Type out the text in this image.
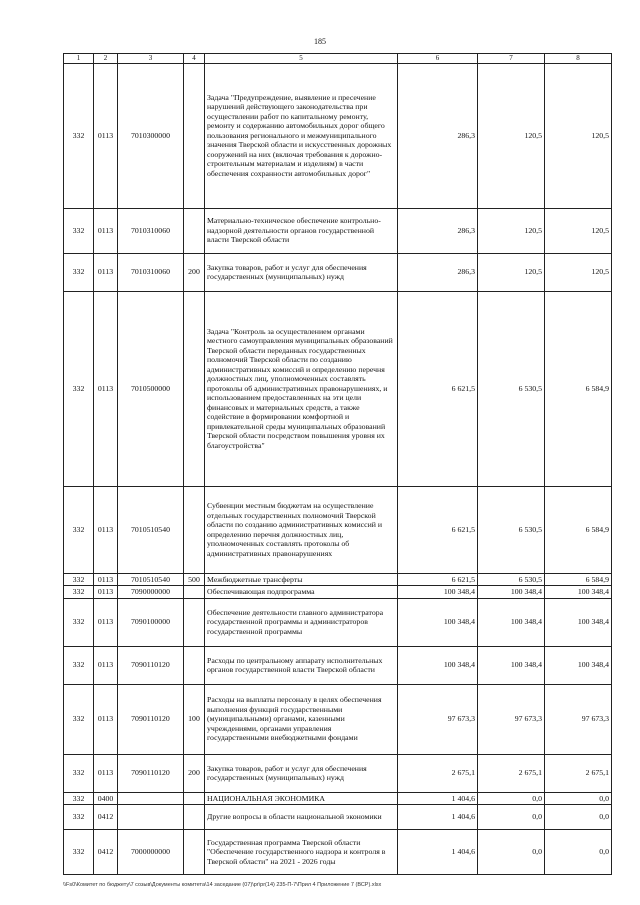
185
1	2	3	4	5	6	7	8
332	0113	7010300000		Задача "Предупреждение, выявление и пресечение нарушений действующего законодательства при осуществлении работ по капитальному ремонту, ремонту и содержанию автомобильных дорог общего пользования регионального и межмуниципального значения Тверской области и искусственных дорожных сооружений на них (включая требования к дорожно-строительным материалам и изделиям) в части обеспечения сохранности автомобильных дорог"	286,3	120,5	120,5
332	0113	7010310060		Материально-техническое обеспечение контрольно-надзорной деятельности органов государственной власти Тверской области	286,3	120,5	120,5
332	0113	7010310060	200	Закупка товаров, работ и услуг для обеспечения государственных (муниципальных) нужд	286,3	120,5	120,5
332	0113	7010500000		Задача "Контроль за осуществлением органами местного самоуправления муниципальных образований Тверской области переданных государственных полномочий Тверской области по созданию административных комиссий и определению перечня должностных лиц, уполномоченных составлять протоколы об административных правонарушениях, и использованием предоставленных на эти цели финансовых и материальных средств, а также содействие в формировании комфортной и привлекательной среды муниципальных образований Тверской области посредством повышения уровня их благоустройства"	6 621,5	6 530,5	6 584,9
332	0113	7010510540		Субвенции местным бюджетам на осуществление отдельных государственных полномочий Тверской области по созданию административных комиссий и определению перечня должностных лиц, уполномоченных составлять протоколы об административных правонарушениях	6 621,5	6 530,5	6 584,9
332	0113	7010510540	500	Межбюджетные трансферты	6 621,5	6 530,5	6 584,9
332	0113	7090000000		Обеспечивающая подпрограмма	100 348,4	100 348,4	100 348,4
332	0113	7090100000		Обеспечение деятельности главного администратора государственной программы и администраторов государственной программы	100 348,4	100 348,4	100 348,4
332	0113	7090110120		Расходы по центральному аппарату исполнительных органов государственной власти Тверской области	100 348,4	100 348,4	100 348,4
332	0113	7090110120	100	Расходы на выплаты персоналу в целях обеспечения выполнения функций государственными (муниципальными) органами, казенными учреждениями, органами управления государственными внебюджетными фондами	97 673,3	97 673,3	97 673,3
332	0113	7090110120	200	Закупка товаров, работ и услуг для обеспечения государственных (муниципальных) нужд	2 675,1	2 675,1	2 675,1
332	0400			НАЦИОНАЛЬНАЯ ЭКОНОМИКА	1 404,6	0,0	0,0
332	0412			Другие вопросы в области национальной экономики	1 404,6	0,0	0,0
332	0412	7000000000		Государственная программа Тверской области "Обеспечение государственного надзора и контроля в Тверской области" на 2021 - 2026 годы	1 404,6	0,0	0,0
\\Fs0\Комитет по бюджету\7 созыв\Документы комитета\14 заседание (07)\pr\pr(14) 235-П-7\Прил 4 Приложение 7 (ВСР).xlsx
